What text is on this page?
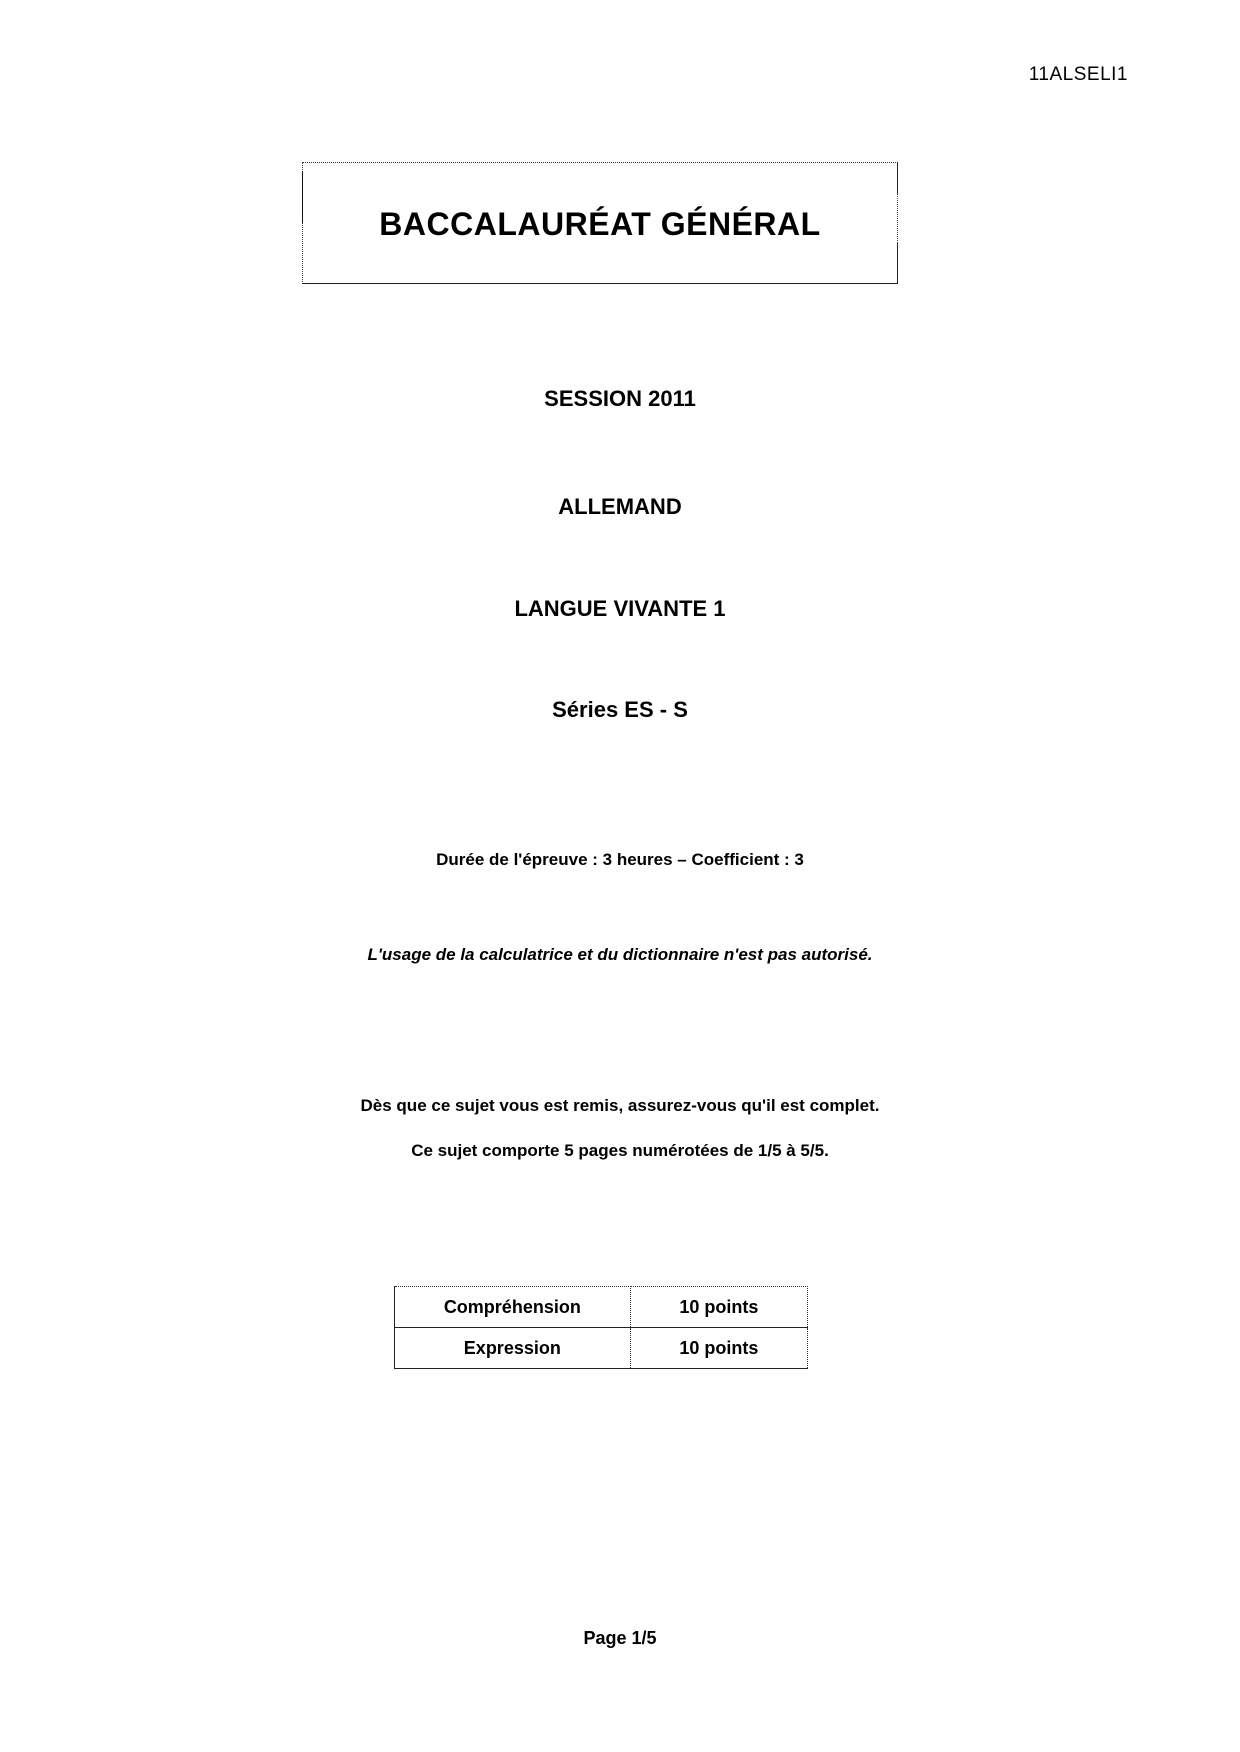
11ALSELI1
BACCALAURÉAT GÉNÉRAL
SESSION 2011
ALLEMAND
LANGUE VIVANTE 1
Séries ES - S
Durée de l'épreuve : 3 heures – Coefficient : 3
L'usage de la calculatrice et du dictionnaire n'est pas autorisé.
Dès que ce sujet vous est remis, assurez-vous qu'il est complet.
Ce sujet comporte 5 pages numérotées de 1/5 à 5/5.
Compréhension	10 points
Expression	10 points
Page 1/5
